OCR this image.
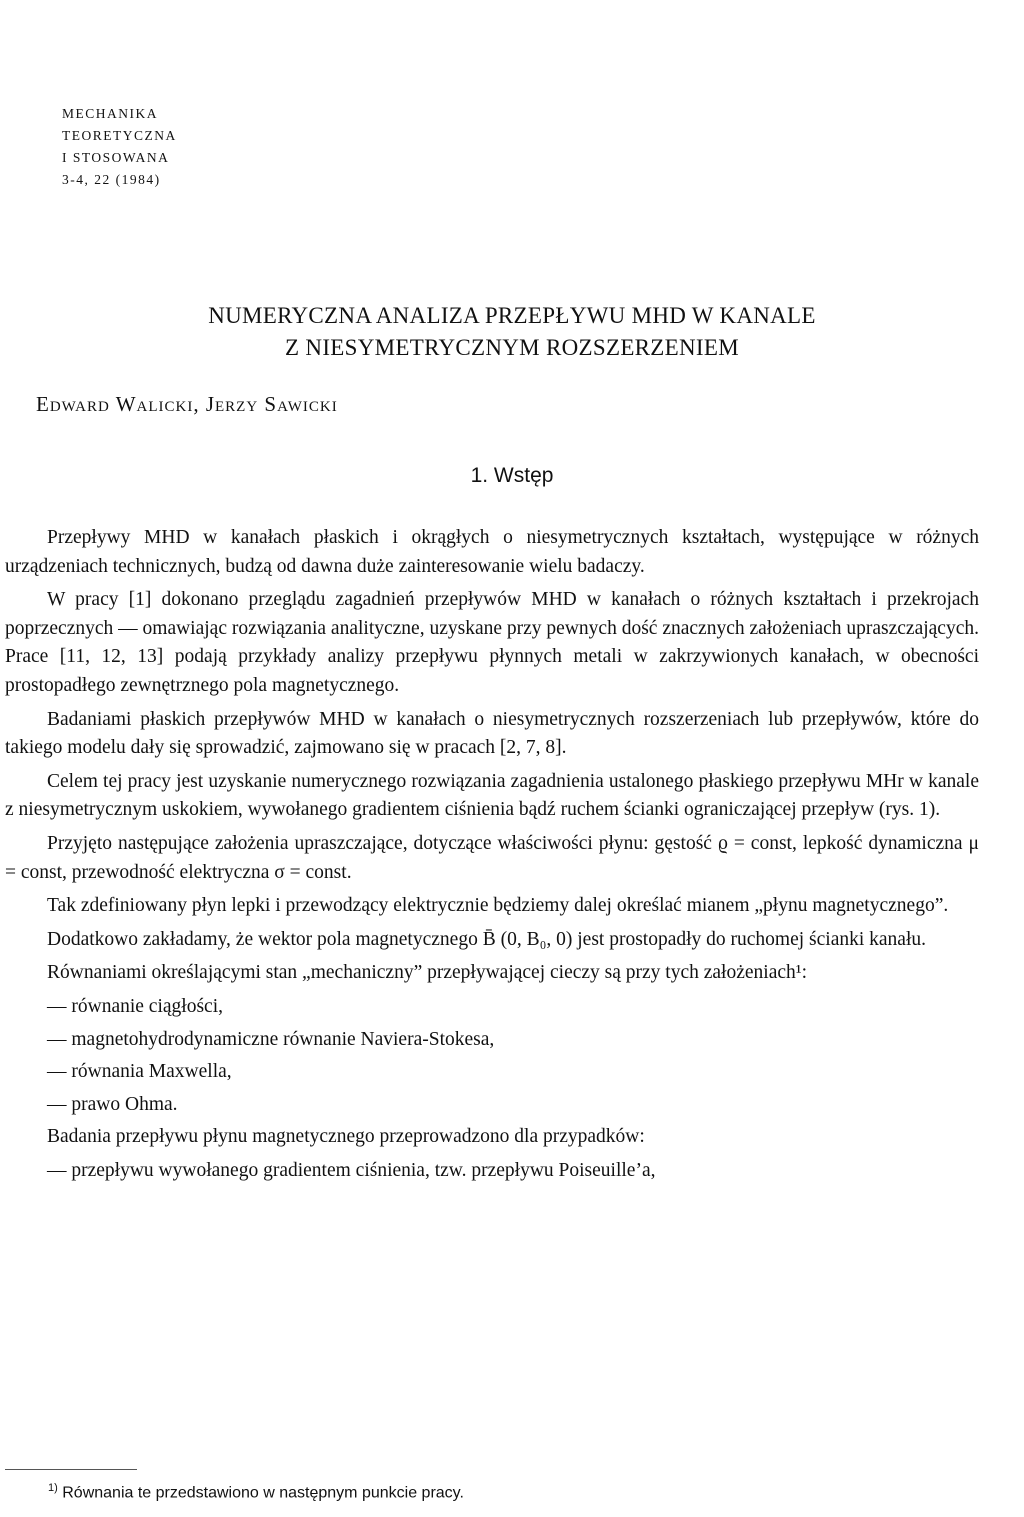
MECHANIKA
TEORETYCZNA
I STOSOWANA
3-4, 22 (1984)
NUMERYCZNA ANALIZA PRZEPŁYWU MHD W KANALE
Z NIESYMETRYCZNYM ROZSZERZENIEM
Edward Walicki, Jerzy Sawicki
1. Wstęp

Przepływy MHD w kanałach płaskich i okrągłych o niesymetrycznych kształtach, występujące w różnych urządzeniach technicznych, budzą od dawna duże zainteresowanie wielu badaczy.

W pracy [1] dokonano przeglądu zagadnień przepływów MHD w kanałach o różnych kształtach i przekrojach poprzecznych — omawiając rozwiązania analityczne, uzyskane przy pewnych dość znacznych założeniach upraszczających. Prace [11, 12, 13] podają przykłady analizy przepływu płynnych metali w zakrzywionych kanałach, w obecności prostopadłego zewnętrznego pola magnetycznego.

Badaniami płaskich przepływów MHD w kanałach o niesymetrycznych rozszerzeniach lub przepływów, które do takiego modelu dały się sprowadzić, zajmowano się w pracach [2, 7, 8].

Celem tej pracy jest uzyskanie numerycznego rozwiązania zagadnienia ustalonego płaskiego przepływu MHr w kanale z niesymetrycznym uskokiem, wywołanego gradientem ciśnienia bądź ruchem ścianki ograniczającej przepływ (rys. 1).

Przyjęto następujące założenia upraszczające, dotyczące właściwości płynu: gęstość ϱ = const, lepkość dynamiczna μ = const, przewodność elektryczna σ = const.

Tak zdefiniowany płyn lepki i przewodzący elektrycznie będziemy dalej określać mianem „płynu magnetycznego”.

Dodatkowo zakładamy, że wektor pola magnetycznego B̄ (0, B₀, 0) jest prostopadły do ruchomej ścianki kanału.

Równaniami określającymi stan „mechaniczny” przepływającej cieczy są przy tych założeniach¹:

— równanie ciągłości,

— magnetohydrodynamiczne równanie Naviera-Stokesa,

— równania Maxwella,

— prawo Ohma.

Badania przepływu płynu magnetycznego przeprowadzono dla przypadków:

— przepływu wywołanego gradientem ciśnienia, tzw. przepływu Poiseuille’a,

$^{1)}$ Równania te przedstawiono w następnym punkcie pracy.
